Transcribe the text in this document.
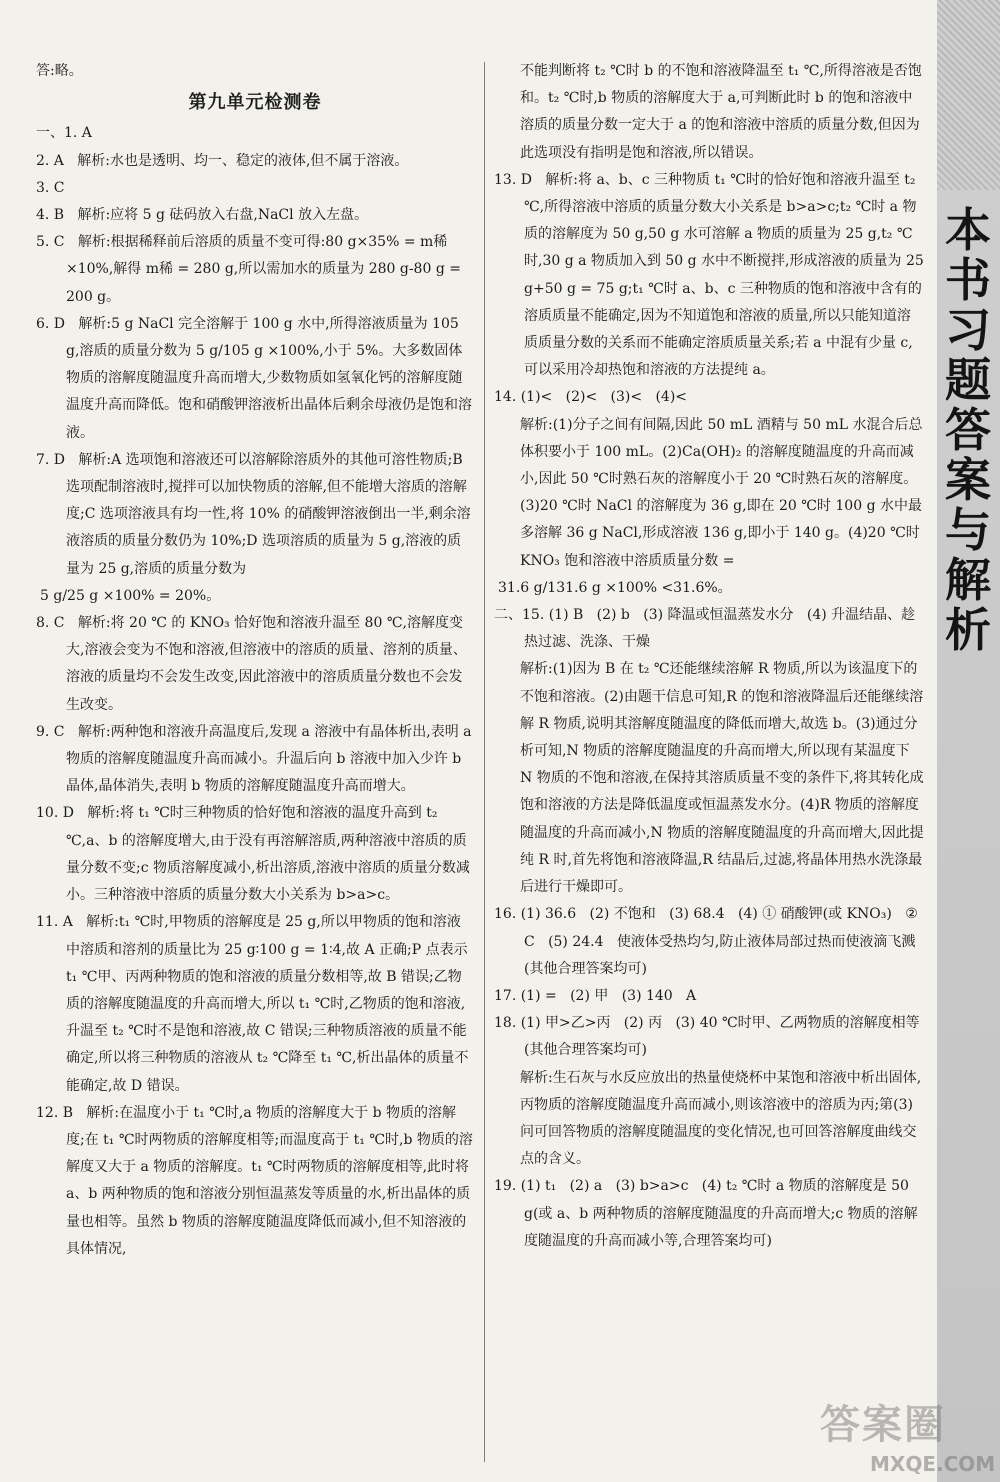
本
书
习
题
答
案
与
解
析

答:略。

第九单元检测卷

一、1. A

2. A   解析:水也是透明、均一、稳定的液体,但不属于溶液。

3. C

4. B   解析:应将 5 g 砝码放入右盘,NaCl 放入左盘。

5. C   解析:根据稀释前后溶质的质量不变可得:80 g×35% = m稀 ×10%,解得 m稀 = 280 g,所以需加水的质量为 280 g-80 g = 200 g。

6. D   解析:5 g NaCl 完全溶解于 100 g 水中,所得溶液质量为 105 g,溶质的质量分数为 5 g/105 g ×100%,小于 5%。大多数固体物质的溶解度随温度升高而增大,少数物质如氢氧化钙的溶解度随温度升高而降低。饱和硝酸钾溶液析出晶体后剩余母液仍是饱和溶液。

7. D   解析:A 选项饱和溶液还可以溶解除溶质外的其他可溶性物质;B 选项配制溶液时,搅拌可以加快物质的溶解,但不能增大溶质的溶解度;C 选项溶液具有均一性,将 10% 的硝酸钾溶液倒出一半,剩余溶液溶质的质量分数仍为 10%;D 选项溶质的质量为 5 g,溶液的质量为 25 g,溶质的质量分数为

5 g/25 g ×100% = 20%。

8. C   解析:将 20 ℃ 的 KNO₃ 恰好饱和溶液升温至 80 ℃,溶解度变大,溶液会变为不饱和溶液,但溶液中的溶质的质量、溶剂的质量、溶液的质量均不会发生改变,因此溶液中的溶质质量分数也不会发生改变。

9. C   解析:两种饱和溶液升高温度后,发现 a 溶液中有晶体析出,表明 a 物质的溶解度随温度升高而减小。升温后向 b 溶液中加入少许 b 晶体,晶体消失,表明 b 物质的溶解度随温度升高而增大。

10. D   解析:将 t₁ ℃时三种物质的恰好饱和溶液的温度升高到 t₂ ℃,a、b 的溶解度增大,由于没有再溶解溶质,两种溶液中溶质的质量分数不变;c 物质溶解度减小,析出溶质,溶液中溶质的质量分数减小。三种溶液中溶质的质量分数大小关系为 b>a>c。

11. A   解析:t₁ ℃时,甲物质的溶解度是 25 g,所以甲物质的饱和溶液中溶质和溶剂的质量比为 25 g∶100 g = 1∶4,故 A 正确;P 点表示 t₁ ℃甲、丙两种物质的饱和溶液的质量分数相等,故 B 错误;乙物质的溶解度随温度的升高而增大,所以 t₁ ℃时,乙物质的饱和溶液,升温至 t₂ ℃时不是饱和溶液,故 C 错误;三种物质溶液的质量不能确定,所以将三种物质的溶液从 t₂ ℃降至 t₁ ℃,析出晶体的质量不能确定,故 D 错误。

12. B   解析:在温度小于 t₁ ℃时,a 物质的溶解度大于 b 物质的溶解度;在 t₁ ℃时两物质的溶解度相等;而温度高于 t₁ ℃时,b 物质的溶解度又大于 a 物质的溶解度。t₁ ℃时两物质的溶解度相等,此时将 a、b 两种物质的饱和溶液分别恒温蒸发等质量的水,析出晶体的质量也相等。虽然 b 物质的溶解度随温度降低而减小,但不知溶液的具体情况,

不能判断将 t₂ ℃时 b 的不饱和溶液降温至 t₁ ℃,所得溶液是否饱和。t₂ ℃时,b 物质的溶解度大于 a,可判断此时 b 的饱和溶液中溶质的质量分数一定大于 a 的饱和溶液中溶质的质量分数,但因为此选项没有指明是饱和溶液,所以错误。

13. D   解析:将 a、b、c 三种物质 t₁ ℃时的恰好饱和溶液升温至 t₂ ℃,所得溶液中溶质的质量分数大小关系是 b>a>c;t₂ ℃时 a 物质的溶解度为 50 g,50 g 水可溶解 a 物质的质量为 25 g,t₂ ℃时,30 g a 物质加入到 50 g 水中不断搅拌,形成溶液的质量为 25 g+50 g = 75 g;t₁ ℃时 a、b、c 三种物质的饱和溶液中含有的溶质质量不能确定,因为不知道饱和溶液的质量,所以只能知道溶质质量分数的关系而不能确定溶质质量关系;若 a 中混有少量 c,可以采用冷却热饱和溶液的方法提纯 a。

14. (1)<   (2)<   (3)<   (4)<

解析:(1)分子之间有间隔,因此 50 mL 酒精与 50 mL 水混合后总体积要小于 100 mL。(2)Ca(OH)₂ 的溶解度随温度的升高而减小,因此 50 ℃时熟石灰的溶解度小于 20 ℃时熟石灰的溶解度。(3)20 ℃时 NaCl 的溶解度为 36 g,即在 20 ℃时 100 g 水中最多溶解 36 g NaCl,形成溶液 136 g,即小于 140 g。(4)20 ℃时 KNO₃ 饱和溶液中溶质质量分数 =

31.6 g/131.6 g ×100% <31.6%。

二、15. (1) B   (2) b   (3) 降温或恒温蒸发水分   (4) 升温结晶、趁热过滤、洗涤、干燥

解析:(1)因为 B 在 t₂ ℃还能继续溶解 R 物质,所以为该温度下的不饱和溶液。(2)由题干信息可知,R 的饱和溶液降温后还能继续溶解 R 物质,说明其溶解度随温度的降低而增大,故选 b。(3)通过分析可知,N 物质的溶解度随温度的升高而增大,所以现有某温度下 N 物质的不饱和溶液,在保持其溶质质量不变的条件下,将其转化成饱和溶液的方法是降低温度或恒温蒸发水分。(4)R 物质的溶解度随温度的升高而减小,N 物质的溶解度随温度的升高而增大,因此提纯 R 时,首先将饱和溶液降温,R 结晶后,过滤,将晶体用热水洗涤最后进行干燥即可。

16. (1) 36.6   (2) 不饱和   (3) 68.4   (4) ① 硝酸钾(或 KNO₃)   ② C   (5) 24.4   使液体受热均匀,防止液体局部过热而使液滴飞溅(其他合理答案均可)

17. (1) =   (2) 甲   (3) 140   A

18. (1) 甲>乙>丙   (2) 丙   (3) 40 ℃时甲、乙两物质的溶解度相等(其他合理答案均可)

解析:生石灰与水反应放出的热量使烧杯中某饱和溶液中析出固体,丙物质的溶解度随温度升高而减小,则该溶液中的溶质为丙;第(3)问可回答物质的溶解度随温度的变化情况,也可回答溶解度曲线交点的含义。

19. (1) t₁   (2) a   (3) b>a>c   (4) t₂ ℃时 a 物质的溶解度是 50 g(或 a、b 两种物质的溶解度随温度的升高而增大;c 物质的溶解度随温度的升高而减小等,合理答案均可)

答案圈
MXQE.COM
